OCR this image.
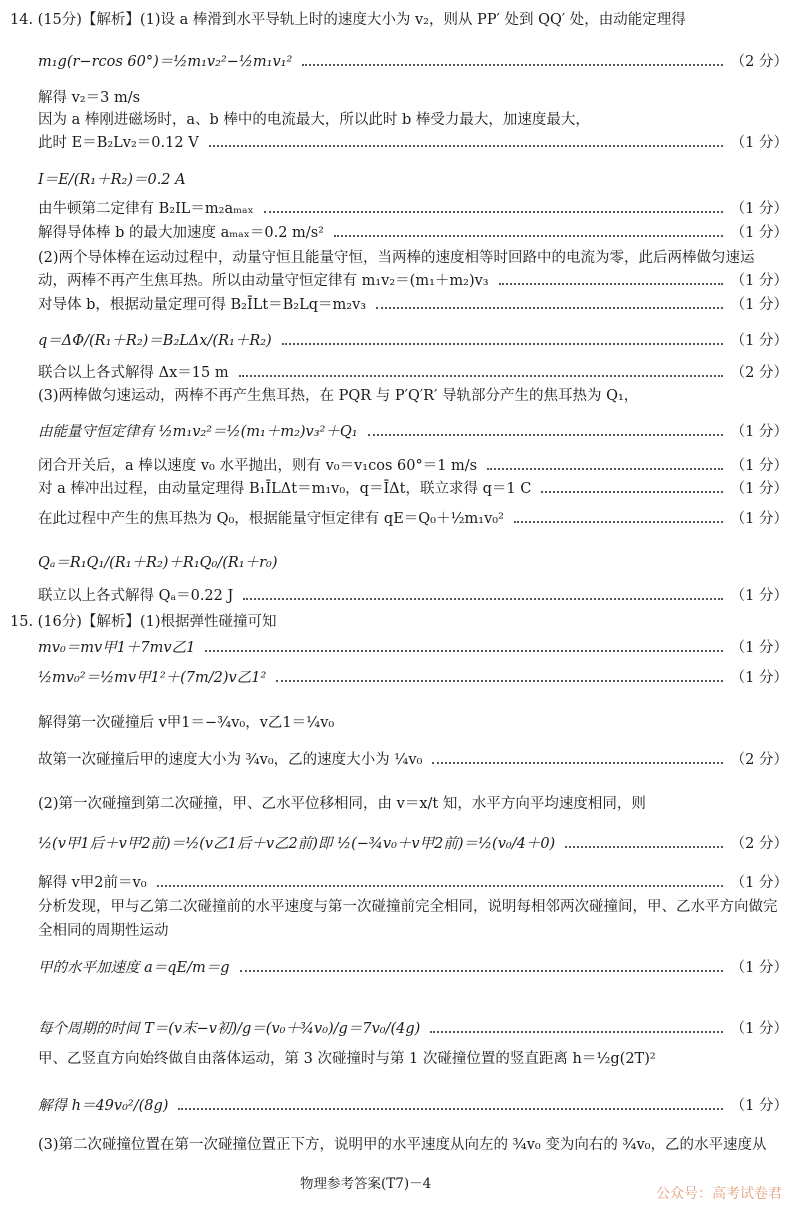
14. (15分)【解析】(1)设 a 棒滑到水平导轨上时的速度大小为 v₂，则从 PP′ 处到 QQ′ 处，由动能定理得
m₁g(r−rcos 60°)＝½m₁v₂²−½m₁v₁²	（2 分）
解得 v₂＝3 m/s
因为 a 棒刚进磁场时，a、b 棒中的电流最大，所以此时 b 棒受力最大，加速度最大，
此时 E＝B₂Lv₂＝0.12 V	（1 分）
I＝E/(R₁＋R₂)＝0.2 A
由牛顿第二定律有 B₂IL＝m₂aₘₐₓ	（1 分）
解得导体棒 b 的最大加速度 aₘₐₓ＝0.2 m/s²	（1 分）
(2)两个导体棒在运动过程中，动量守恒且能量守恒，当两棒的速度相等时回路中的电流为零，此后两棒做匀速运
动，两棒不再产生焦耳热。所以由动量守恒定律有 m₁v₂＝(m₁＋m₂)v₃	（1 分）
对导体 b，根据动量定理可得 B₂ĪLt＝B₂Lq＝m₂v₃	（1 分）
q＝ΔΦ/(R₁＋R₂)＝B₂LΔx/(R₁＋R₂)	（1 分）
联合以上各式解得 Δx＝15 m	（2 分）
(3)两棒做匀速运动，两棒不再产生焦耳热，在 PQR 与 P′Q′R′ 导轨部分产生的焦耳热为 Q₁，
由能量守恒定律有 ½m₁v₂²＝½(m₁＋m₂)v₃²＋Q₁	（1 分）
闭合开关后，a 棒以速度 v₀ 水平抛出，则有 v₀＝v₁cos 60°＝1 m/s	（1 分）
对 a 棒冲出过程，由动量定理得 B₁ĪLΔt＝m₁v₀，q＝ĪΔt，联立求得 q＝1 C	（1 分）
在此过程中产生的焦耳热为 Q₀，根据能量守恒定律有 qE＝Q₀＋½m₁v₀²	（1 分）
Qₐ＝R₁Q₁/(R₁＋R₂)＋R₁Q₀/(R₁＋r₀)
联立以上各式解得 Qₐ＝0.22 J	（1 分）
15. (16分)【解析】(1)根据弹性碰撞可知
mv₀＝mv甲1＋7mv乙1	（1 分）
½mv₀²＝½mv甲1²＋(7m/2)v乙1²	（1 分）
解得第一次碰撞后 v甲1＝−¾v₀，v乙1＝¼v₀
故第一次碰撞后甲的速度大小为 ¾v₀，乙的速度大小为 ¼v₀	（2 分）
(2)第一次碰撞到第二次碰撞，甲、乙水平位移相同，由 v＝x/t 知，水平方向平均速度相同，则
½(v甲1后＋v甲2前)＝½(v乙1后＋v乙2前)即 ½(−¾v₀＋v甲2前)＝½(v₀/4＋0)	（2 分）
解得 v甲2前＝v₀	（1 分）
分析发现，甲与乙第二次碰撞前的水平速度与第一次碰撞前完全相同，说明每相邻两次碰撞间，甲、乙水平方向做完
全相同的周期性运动
甲的水平加速度 a＝qE/m＝g	（1 分）
每个周期的时间 T＝(v末−v初)/g＝(v₀＋¾v₀)/g＝7v₀/(4g)	（1 分）
甲、乙竖直方向始终做自由落体运动，第 3 次碰撞时与第 1 次碰撞位置的竖直距离 h＝½g(2T)²
解得 h＝49v₀²/(8g)	（1 分）
(3)第二次碰撞位置在第一次碰撞位置正下方，说明甲的水平速度从向左的 ¾v₀ 变为向右的 ¾v₀，乙的水平速度从
物理参考答案(T7)－4
公众号：高考试卷君
